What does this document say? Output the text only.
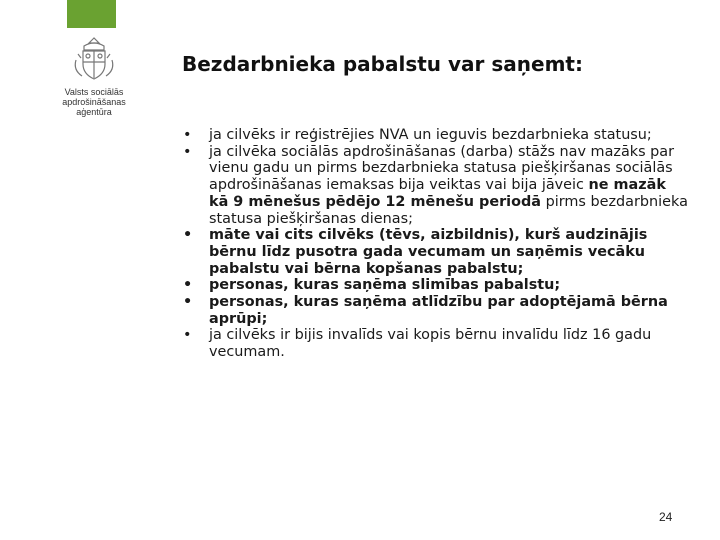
Valsts sociālās
apdrošināšanas
aģentūra
Bezdarbnieka pabalstu var saņemt:
• ja cilvēks ir reģistrējies NVA un ieguvis bezdarbnieka statusu;
• ja cilvēka sociālās apdrošināšanas (darba) stāžs nav mazāks par vienu gadu un pirms bezdarbnieka statusa piešķiršanas sociālās apdrošināšanas iemaksas bija veiktas vai bija jāveic ne mazāk kā 9 mēnešus pēdējo 12 mēnešu periodā pirms bezdarbnieka statusa piešķiršanas dienas;
• māte vai cits cilvēks (tēvs, aizbildnis), kurš audzinājis bērnu līdz pusotra gada vecumam un saņēmis vecāku pabalstu vai bērna kopšanas pabalstu;
• personas, kuras saņēma slimības pabalstu;
• personas, kuras saņēma atlīdzību par adoptējamā bērna aprūpi;
• ja cilvēks ir bijis invalīds vai kopis bērnu invalīdu līdz 16 gadu vecumam.
24
